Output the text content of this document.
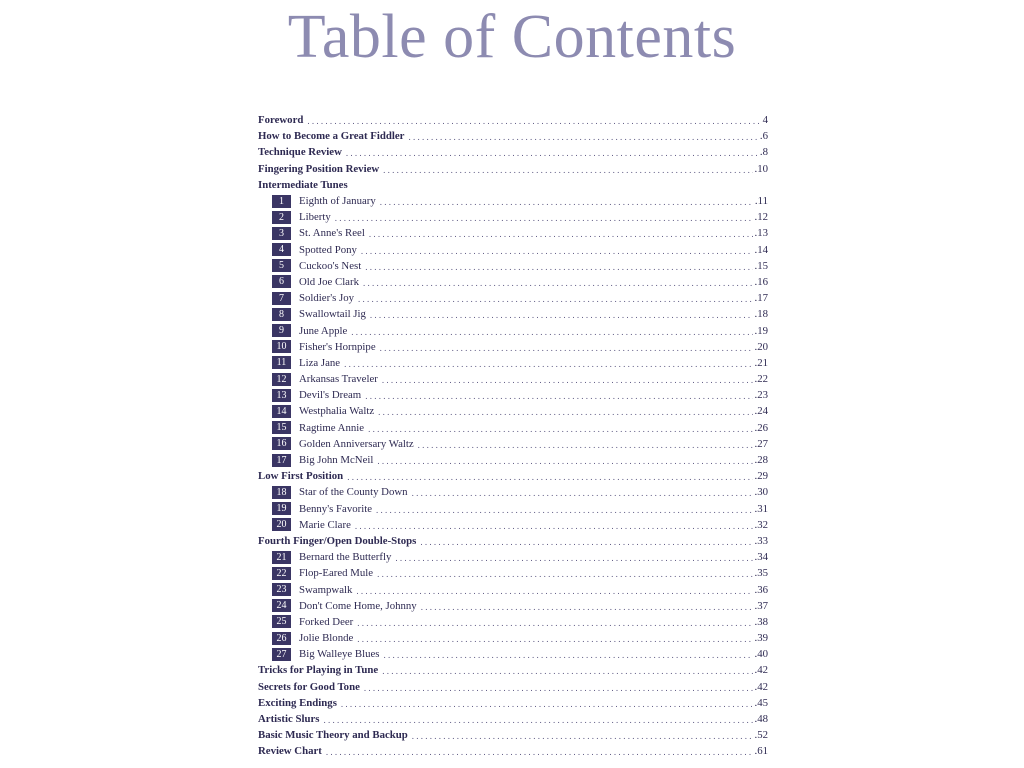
Table of Contents
Foreword . . .	4
How to Become a Great Fiddler . . .	.6
Technique Review . . .	.8
Fingering Position Review . . .	.10
Intermediate Tunes
1	Eighth of January . . .	.11
2	Liberty . . .	.12
3	St. Anne's Reel . . .	.13
4	Spotted Pony . . .	.14
5	Cuckoo's Nest . . .	.15
6	Old Joe Clark . . .	.16
7	Soldier's Joy . . .	.17
8	Swallowtail Jig . . .	.18
9	June Apple . . .	.19
10	Fisher's Hornpipe . . .	.20
11	Liza Jane . . .	.21
12	Arkansas Traveler . . .	.22
13	Devil's Dream . . .	.23
14	Westphalia Waltz . . .	.24
15	Ragtime Annie . . .	.26
16	Golden Anniversary Waltz . . .	.27
17	Big John McNeil . . .	.28
Low First Position . . .	.29
18	Star of the County Down . . .	.30
19	Benny's Favorite . . .	.31
20	Marie Clare . . .	.32
Fourth Finger/Open Double-Stops . . .	.33
21	Bernard the Butterfly . . .	.34
22	Flop-Eared Mule . . .	.35
23	Swampwalk . . .	.36
24	Don't Come Home, Johnny . . .	.37
25	Forked Deer . . .	.38
26	Jolie Blonde . . .	.39
27	Big Walleye Blues . . .	.40
Tricks for Playing in Tune . . .	.42
Secrets for Good Tone . . .	.42
Exciting Endings . . .	.45
Artistic Slurs . . .	.48
Basic Music Theory and Backup . . .	.52
Review Chart . . .	.61
